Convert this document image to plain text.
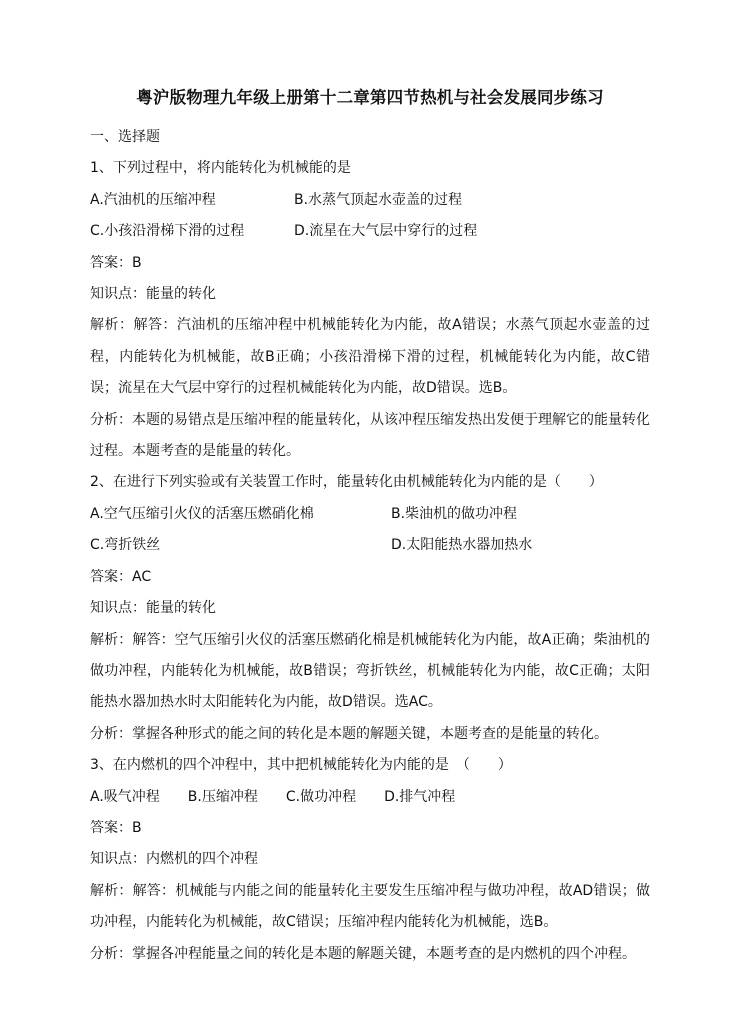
粤沪版物理九年级上册第十二章第四节热机与社会发展同步练习
一、选择题
1、下列过程中，将内能转化为机械能的是
A.汽油机的压缩冲程	B.水蒸气顶起水壶盖的过程
C.小孩沿滑梯下滑的过程	D.流星在大气层中穿行的过程
答案：B
知识点：能量的转化
解析：解答：汽油机的压缩冲程中机械能转化为内能，故A错误；水蒸气顶起水壶盖的过程，内能转化为机械能，故B正确；小孩沿滑梯下滑的过程，机械能转化为内能，故C错误；流星在大气层中穿行的过程机械能转化为内能，故D错误。选B。
分析：本题的易错点是压缩冲程的能量转化，从该冲程压缩发热出发便于理解它的能量转化过程。本题考查的是能量的转化。
2、在进行下列实验或有关装置工作时，能量转化由机械能转化为内能的是（　　）
A.空气压缩引火仪的活塞压燃硝化棉	B.柴油机的做功冲程
C.弯折铁丝	D.太阳能热水器加热水
答案：AC
知识点：能量的转化
解析：解答：空气压缩引火仪的活塞压燃硝化棉是机械能转化为内能，故A正确；柴油机的做功冲程，内能转化为机械能，故B错误；弯折铁丝，机械能转化为内能，故C正确；太阳能热水器加热水时太阳能转化为内能，故D错误。选AC。
分析：掌握各种形式的能之间的转化是本题的解题关键，本题考查的是能量的转化。
3、在内燃机的四个冲程中，其中把机械能转化为内能的是　（　　）
A.吸气冲程 B.压缩冲程 C.做功冲程 D.排气冲程
答案：B
知识点：内燃机的四个冲程
解析：解答：机械能与内能之间的能量转化主要发生压缩冲程与做功冲程，故AD错误；做功冲程，内能转化为机械能，故C错误；压缩冲程内能转化为机械能，选B。
分析：掌握各冲程能量之间的转化是本题的解题关键，本题考查的是内燃机的四个冲程。
